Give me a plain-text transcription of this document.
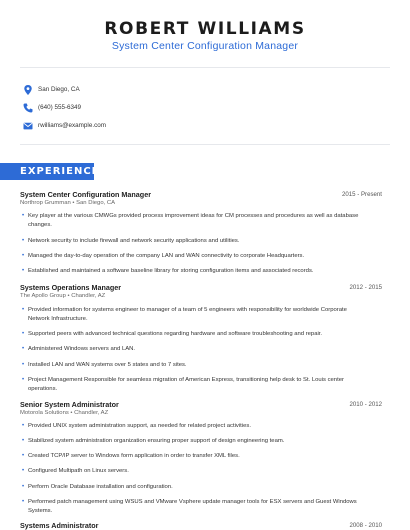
ROBERT WILLIAMS
System Center Configuration Manager
San Diego, CA
(640) 555-6349
rwilliams@example.com
EXPERIENCE
System Center Configuration Manager	2015 - Present
Northrop Grumman • San Diego, CA
• Key player at the various CMWGs provided process improvement ideas for CM processes and procedures as well as database changes.
• Network security to include firewall and network security applications and utilities.
• Managed the day-to-day operation of the company LAN and WAN connectivity to corporate Headquarters.
• Established and maintained a software baseline library for storing configuration items and associated records.
Systems Operations Manager	2012 - 2015
The Apollo Group • Chandler, AZ
• Provided information for systems engineer to manager of a team of 5 engineers with responsibility for worldwide Corporate Network Infrastructure.
• Supported peers with advanced technical questions regarding hardware and software troubleshooting and repair.
• Administered Windows servers and LAN.
• Installed LAN and WAN systems over 5 states and to 7 sites.
• Project Management Responsible for seamless migration of American Express, transitioning help desk to St. Louis center operations.
Senior System Administrator	2010 - 2012
Motorola Solutions • Chandler, AZ
• Provided UNIX system administration support, as needed for related project activities.
• Stabilized system administration organization ensuring proper support of design engineering team.
• Created TCP/IP server to Windows form application in order to transfer XML files.
• Configured Multipath on Linux servers.
• Perform Oracle Database installation and configuration.
• Performed patch management using WSUS and VMware Vsphere update manager tools for ESX servers and Guest Windows Systems.
Systems Administrator	2008 - 2010
